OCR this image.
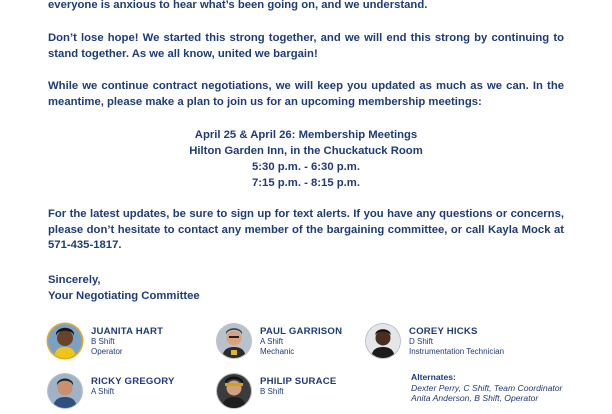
everyone is anxious to hear what’s been going on, and we understand.

Don’t lose hope! We started this strong together, and we will end this strong by continuing to stand together. As we all know, united we bargain!

While we continue contract negotiations, we will keep you updated as much as we can. In the meantime, please make a plan to join us for an upcoming membership meetings:

April 25 & April 26: Membership Meetings
Hilton Garden Inn, in the Chuckatuck Room
5:30 p.m. - 6:30 p.m.
7:15 p.m. - 8:15 p.m.

For the latest updates, be sure to sign up for text alerts. If you have any questions or concerns, please don’t hesitate to contact any member of the bargaining committee, or call Kayla Mock at 571-435-1817.

Sincerely,
Your Negotiating Committee
JUANITA HART
B Shift
Operator
PAUL GARRISON
A Shift
Mechanic
COREY HICKS
D Shift
Instrumentation Technician
RICKY GREGORY
A Shift
PHILIP SURACE
B Shift
Alternates:
Dexter Perry, C Shift, Team Coordinator
Anita Anderson, B Shift, Operator
